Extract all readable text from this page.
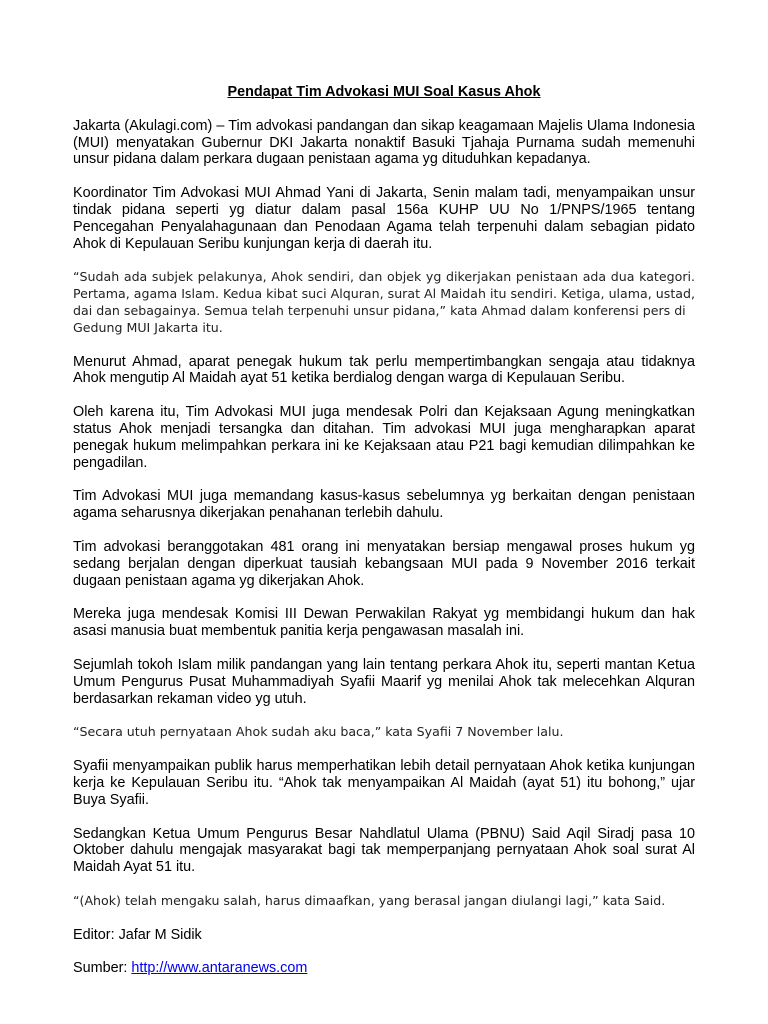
Pendapat Tim Advokasi MUI Soal Kasus Ahok

Jakarta (Akulagi.com) – Tim advokasi pandangan dan sikap keagamaan Majelis Ulama Indonesia (MUI) menyatakan Gubernur DKI Jakarta nonaktif Basuki Tjahaja Purnama sudah memenuhi unsur pidana dalam perkara dugaan penistaan agama yg dituduhkan kepadanya.

Koordinator Tim Advokasi MUI Ahmad Yani di Jakarta, Senin malam tadi, menyampaikan unsur tindak pidana seperti yg diatur dalam pasal 156a KUHP UU No 1/PNPS/1965 tentang Pencegahan Penyalahagunaan dan Penodaan Agama telah terpenuhi dalam sebagian pidato Ahok di Kepulauan Seribu kunjungan kerja di daerah itu.

“Sudah ada subjek pelakunya, Ahok sendiri, dan objek yg dikerjakan penistaan ada dua kategori. Pertama, agama Islam. Kedua kibat suci Alquran, surat Al Maidah itu sendiri. Ketiga, ulama, ustad, dai dan sebagainya. Semua telah terpenuhi unsur pidana,” kata Ahmad dalam konferensi pers di
Gedung MUI Jakarta itu.

Menurut Ahmad, aparat penegak hukum tak perlu mempertimbangkan sengaja atau tidaknya Ahok mengutip Al Maidah ayat 51 ketika berdialog dengan warga di Kepulauan Seribu.

Oleh karena itu, Tim Advokasi MUI juga mendesak Polri dan Kejaksaan Agung meningkatkan status Ahok menjadi tersangka dan ditahan. Tim advokasi MUI juga mengharapkan aparat penegak hukum melimpahkan perkara ini ke Kejaksaan atau P21 bagi kemudian dilimpahkan ke pengadilan.

Tim Advokasi MUI juga memandang kasus-kasus sebelumnya yg berkaitan dengan penistaan agama seharusnya dikerjakan penahanan terlebih dahulu.

Tim advokasi beranggotakan 481 orang ini menyatakan bersiap mengawal proses hukum yg sedang berjalan dengan diperkuat tausiah kebangsaan MUI pada 9 November 2016 terkait dugaan penistaan agama yg dikerjakan Ahok.

Mereka juga mendesak Komisi III Dewan Perwakilan Rakyat yg membidangi hukum dan hak asasi manusia buat membentuk panitia kerja pengawasan masalah ini.

Sejumlah tokoh Islam milik pandangan yang lain tentang perkara Ahok itu, seperti mantan Ketua Umum Pengurus Pusat Muhammadiyah Syafii Maarif yg menilai Ahok tak melecehkan Alquran berdasarkan rekaman video yg utuh.

“Secara utuh pernyataan Ahok sudah aku baca,” kata Syafii 7 November lalu.

Syafii menyampaikan publik harus memperhatikan lebih detail pernyataan Ahok ketika kunjungan kerja ke Kepulauan Seribu itu. “Ahok tak menyampaikan Al Maidah (ayat 51) itu bohong,” ujar Buya Syafii.

Sedangkan Ketua Umum Pengurus Besar Nahdlatul Ulama (PBNU) Said Aqil Siradj pasa 10 Oktober dahulu mengajak masyarakat bagi tak memperpanjang pernyataan Ahok soal surat Al Maidah Ayat 51 itu.

“(Ahok) telah mengaku salah, harus dimaafkan, yang berasal jangan diulangi lagi,” kata Said.

Editor: Jafar M Sidik

Sumber: http://www.antaranews.com
